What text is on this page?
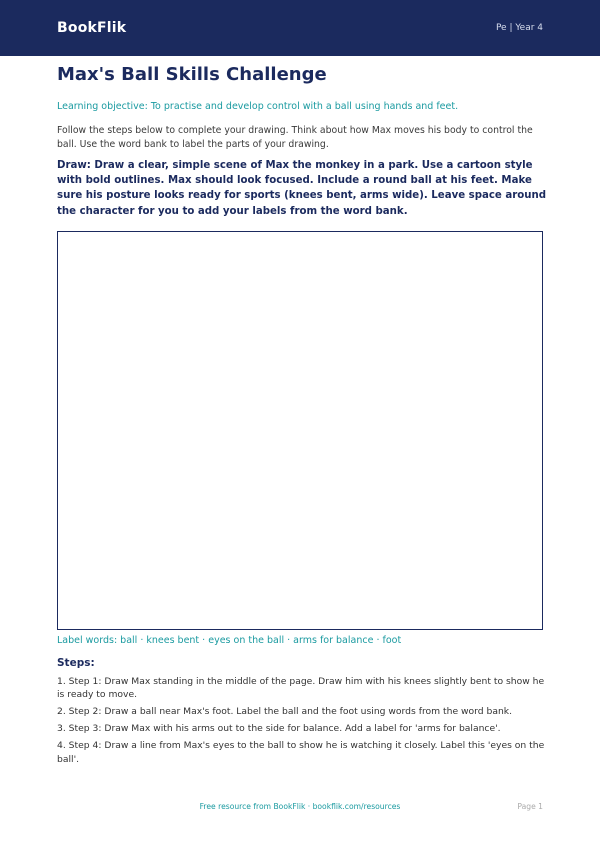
BookFlik	Pe | Year 4
Max's Ball Skills Challenge
Learning objective: To practise and develop control with a ball using hands and feet.
Follow the steps below to complete your drawing. Think about how Max moves his body to control the ball. Use the word bank to label the parts of your drawing.
Draw: Draw a clear, simple scene of Max the monkey in a park. Use a cartoon style with bold outlines. Max should look focused. Include a round ball at his feet. Make sure his posture looks ready for sports (knees bent, arms wide). Leave space around the character for you to add your labels from the word bank.
Label words: ball · knees bent · eyes on the ball · arms for balance · foot
Steps:
1. Step 1: Draw Max standing in the middle of the page. Draw him with his knees slightly bent to show he is ready to move.
2. Step 2: Draw a ball near Max's foot. Label the ball and the foot using words from the word bank.
3. Step 3: Draw Max with his arms out to the side for balance. Add a label for 'arms for balance'.
4. Step 4: Draw a line from Max's eyes to the ball to show he is watching it closely. Label this 'eyes on the ball'.
Free resource from BookFlik · bookflik.com/resources	Page 1
